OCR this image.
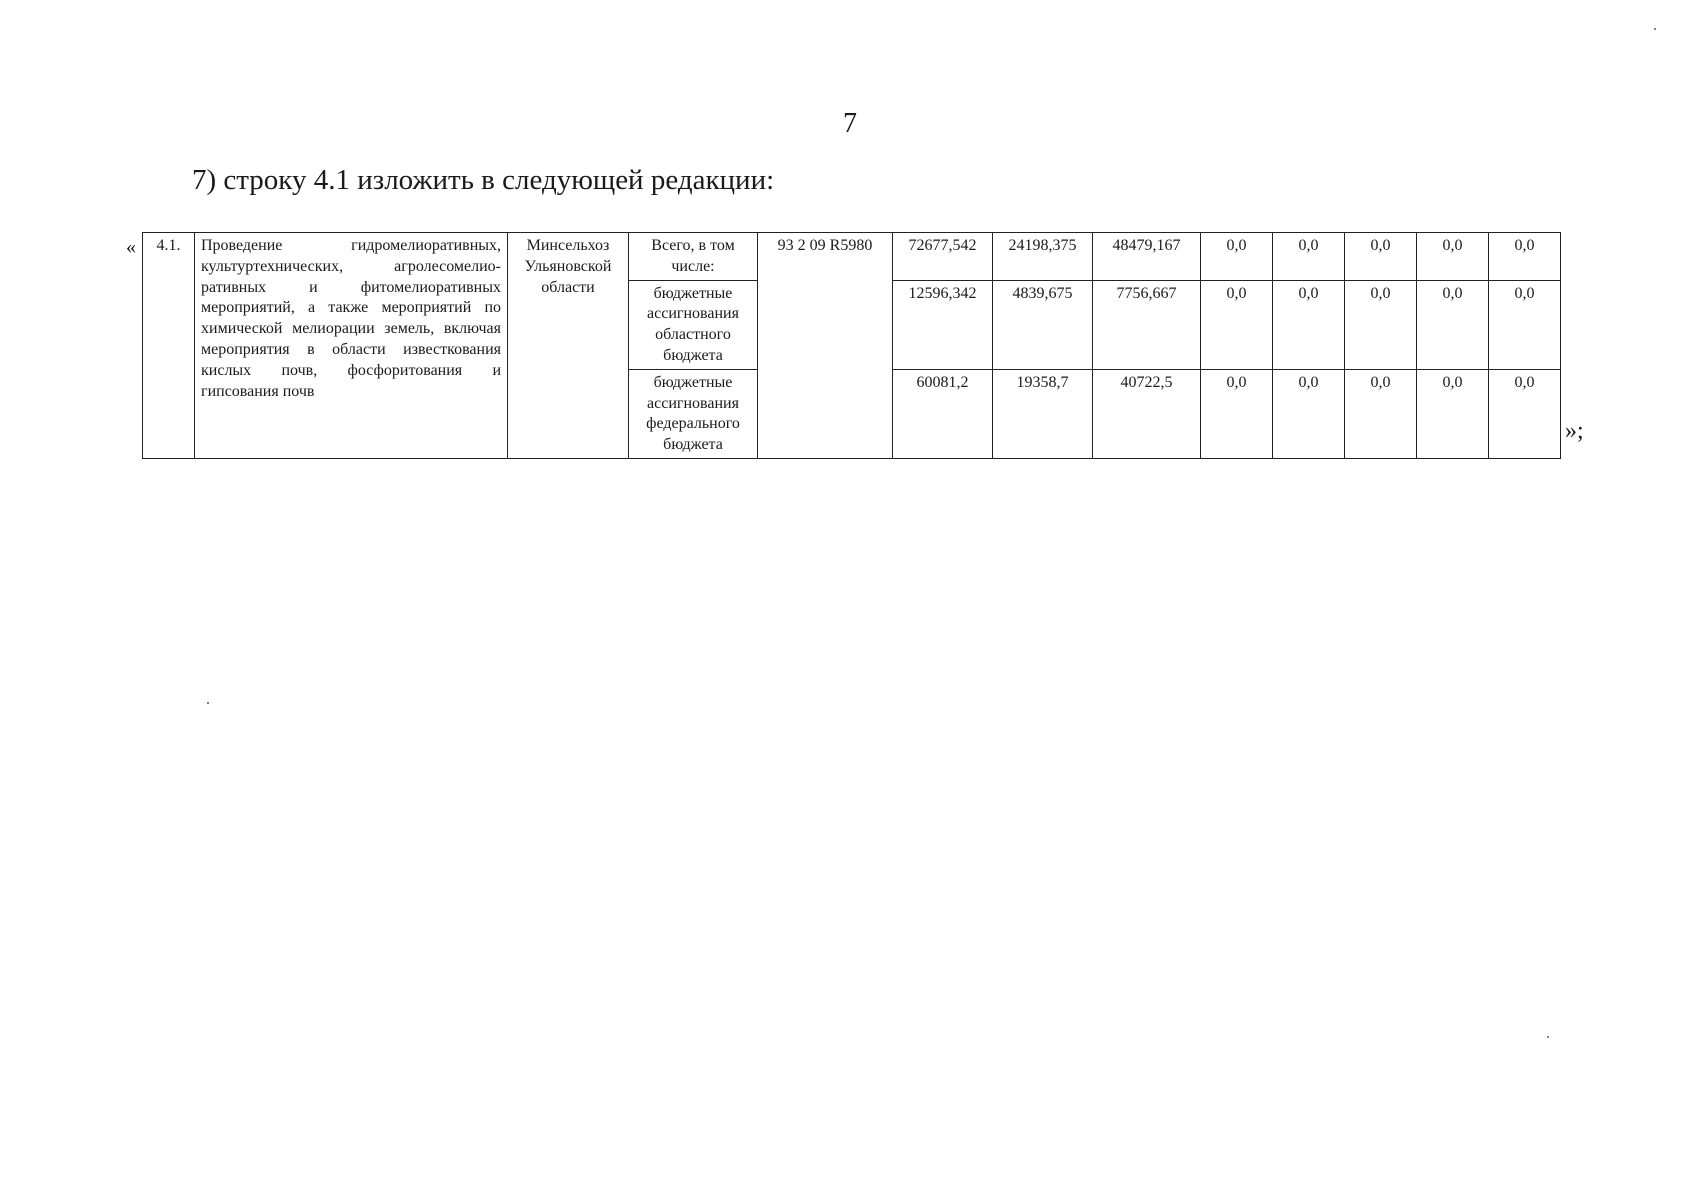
7
7) строку 4.1 изложить в следующей редакции:
« 4.1.	Проведение гидромелиоративных, культуртехнических, агролесомелиоративных и фитомелиоративных мероприятий, а также мероприятий по химической мелиорации земель, включая мероприятия в области известкования кислых почв, фосфоритования и гипсования почв	Минсельхоз Ульяновской области	Всего, в том числе:	93 2 09 R5980	72677,542	24198,375	48479,167	0,0	0,0	0,0	0,0	0,0

			бюджетные ассигнования областного бюджета		12596,342	4839,675	7756,667	0,0	0,0	0,0	0,0	0,0

			бюджетные ассигнования федерального бюджета		60081,2	19358,7	40722,5	0,0	0,0	0,0	0,0	0,0
»;
